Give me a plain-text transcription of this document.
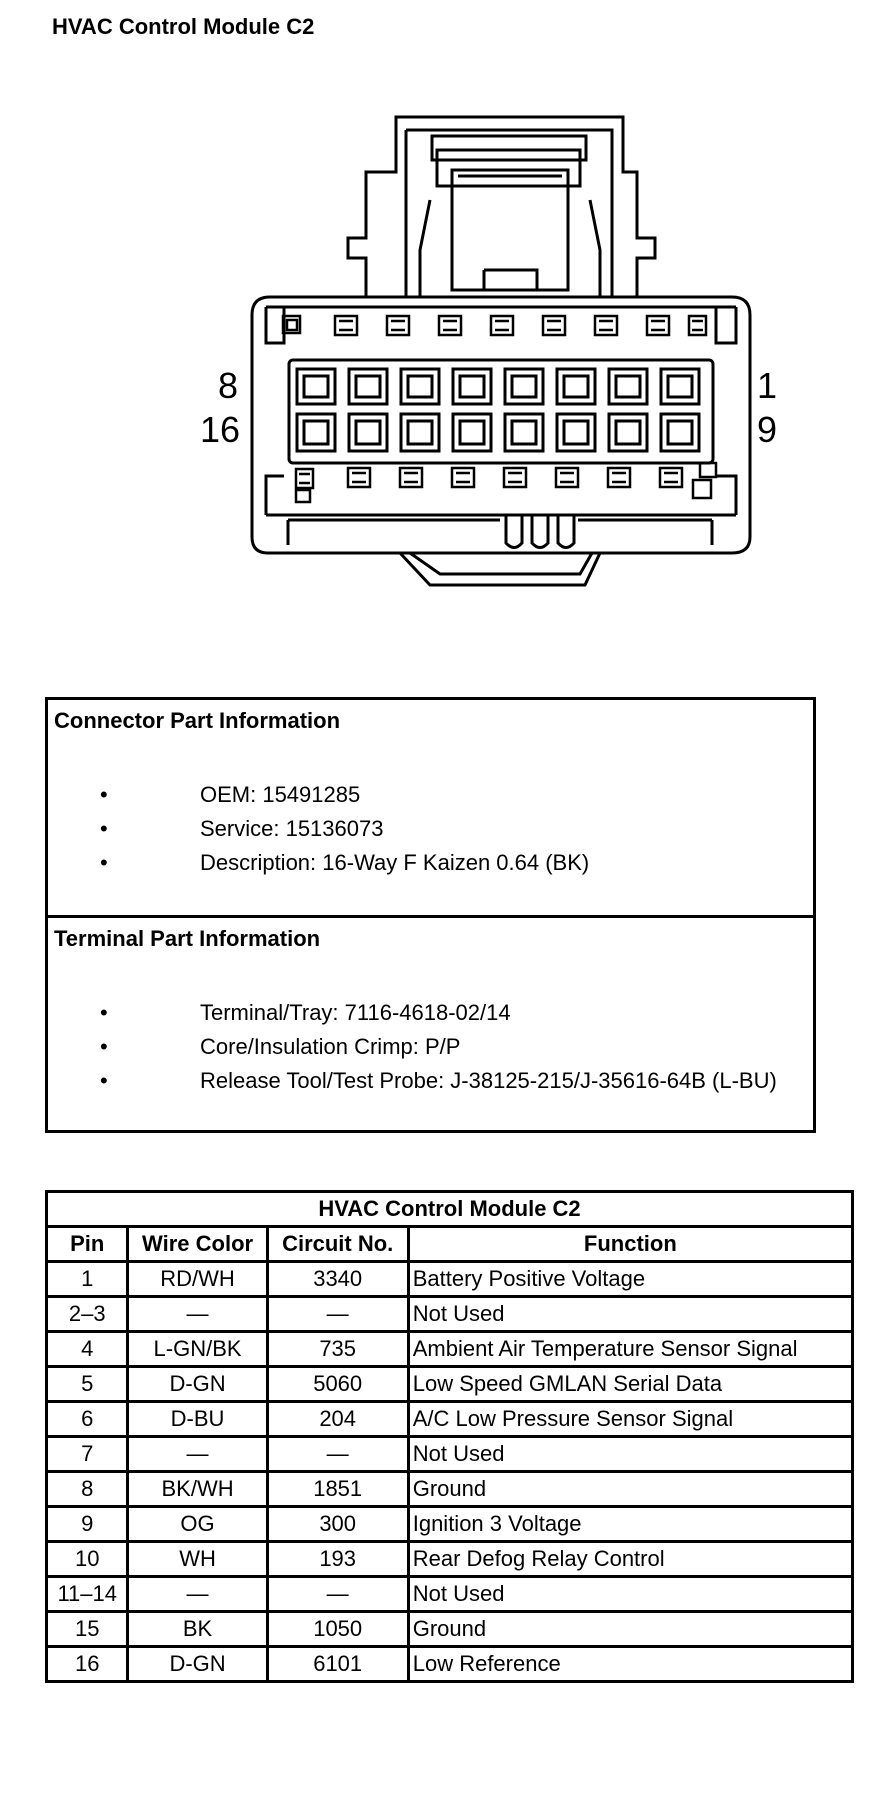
HVAC Control Module C2
8
16
1
9
Connector Part Information
•	OEM: 15491285
•	Service: 15136073
•	Description: 16-Way F Kaizen 0.64 (BK)
Terminal Part Information
•	Terminal/Tray: 7116-4618-02/14
•	Core/Insulation Crimp: P/P
•	Release Tool/Test Probe: J-38125-215/J-35616-64B (L-BU)
HVAC Control Module C2			
Pin	Wire Color	Circuit No.	Function
1	RD/WH	3340	Battery Positive Voltage
2–3	—	—	Not Used
4	L-GN/BK	735	Ambient Air Temperature Sensor Signal
5	D-GN	5060	Low Speed GMLAN Serial Data
6	D-BU	204	A/C Low Pressure Sensor Signal
7	—	—	Not Used
8	BK/WH	1851	Ground
9	OG	300	Ignition 3 Voltage
10	WH	193	Rear Defog Relay Control
11–14	—	—	Not Used
15	BK	1050	Ground
16	D-GN	6101	Low Reference
